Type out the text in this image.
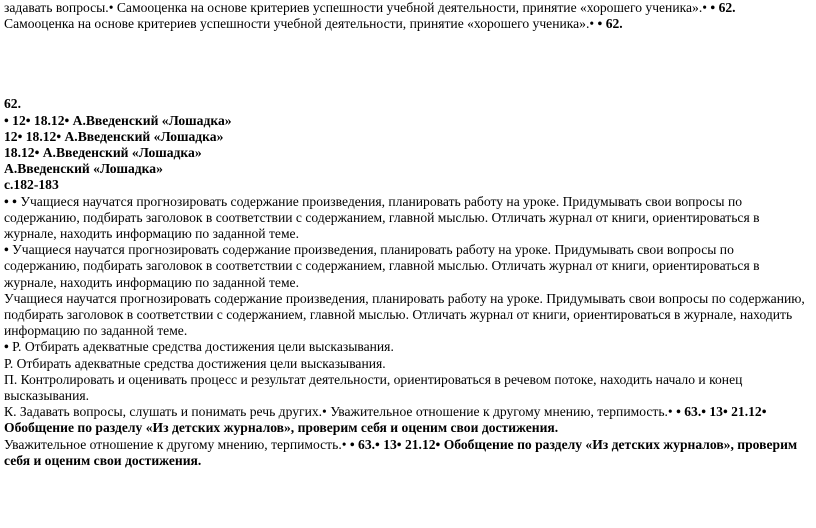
задавать вопросы.• Самооценка на основе критериев успешности учебной деятельности, принятие «хорошего ученика».• • 62.

Самооценка на основе критериев успешности учебной деятельности, принятие «хорошего ученика».• • 62.

62.

• 12• 18.12• А.Введенский «Лошадка»

12• 18.12• А.Введенский «Лошадка»

18.12• А.Введенский «Лошадка»

А.Введенский «Лошадка»

с.182-183

• • Учащиеся научатся прогнозировать содержание произведения, планировать работу на уроке. Придумывать свои вопросы по содержанию, подбирать заголовок в соответствии с содержанием, главной мыслью. Отличать журнал от книги, ориентироваться в журнале, находить информацию по заданной теме.

• Учащиеся научатся прогнозировать содержание произведения, планировать работу на уроке. Придумывать свои вопросы по содержанию, подбирать заголовок в соответствии с содержанием, главной мыслью. Отличать журнал от книги, ориентироваться в журнале, находить информацию по заданной теме.

Учащиеся научатся прогнозировать содержание произведения, планировать работу на уроке. Придумывать свои вопросы по содержанию, подбирать заголовок в соответствии с содержанием, главной мыслью. Отличать журнал от книги, ориентироваться в журнале, находить информацию по заданной теме.

• Р. Отбирать адекватные средства достижения цели высказывания.

Р. Отбирать адекватные средства достижения цели высказывания.

П. Контролировать и оценивать процесс и результат деятельности, ориентироваться в речевом потоке, находить начало и конец высказывания.

К. Задавать вопросы, слушать и понимать речь других.• Уважительное отношение к другому мнению, терпимость.• • 63.• 13• 21.12• Обобщение по разделу «Из детских журналов», проверим себя и оценим свои достижения.

Уважительное отношение к другому мнению, терпимость.• • 63.• 13• 21.12• Обобщение по разделу «Из детских журналов», проверим себя и оценим свои достижения.
